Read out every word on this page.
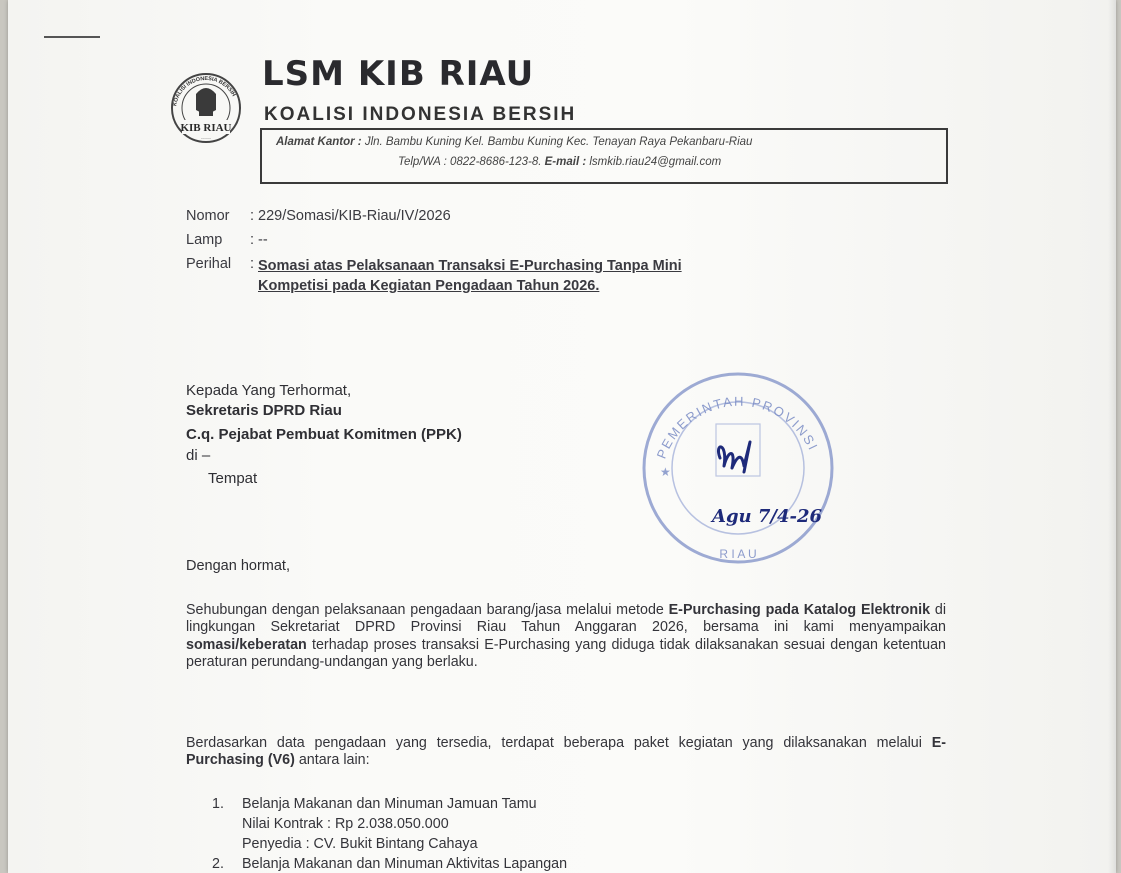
KOALISI INDONESIA BERSIH
KIB RIAU
~~~~~
LSM KIB RIAU
KOALISI INDONESIA BERSIH
Alamat Kantor : Jln. Bambu Kuning Kel. Bambu Kuning Kec. Tenayan Raya Pekanbaru-Riau
Telp/WA : 0822-8686-123-8. E-mail : lsmkib.riau24@gmail.com
Nomor	: 229/Somasi/KIB-Riau/IV/2026
Lamp	: --
Perihal	: Somasi atas Pelaksanaan Transaksi E-Purchasing Tanpa Mini
Kompetisi pada Kegiatan Pengadaan Tahun 2026.
Kepada Yang Terhormat,
Sekretaris DPRD Riau
C.q. Pejabat Pembuat Komitmen (PPK)
di –
Tempat
PEMERINTAH PROVINSI
R I A U
★
Agu 7/4-26
Dengan hormat,
Sehubungan dengan pelaksanaan pengadaan barang/jasa melalui metode E-Purchasing pada Katalog Elektronik di lingkungan Sekretariat DPRD Provinsi Riau Tahun Anggaran 2026, bersama ini kami menyampaikan somasi/keberatan terhadap proses transaksi E-Purchasing yang diduga tidak dilaksanakan sesuai dengan ketentuan peraturan perundang-undangan yang berlaku.
Berdasarkan data pengadaan yang tersedia, terdapat beberapa paket kegiatan yang dilaksanakan melalui E-Purchasing (V6) antara lain:
1.	Belanja Makanan dan Minuman Jamuan Tamu
Nilai Kontrak : Rp 2.038.050.000
Penyedia : CV. Bukit Bintang Cahaya
2.	Belanja Makanan dan Minuman Aktivitas Lapangan
